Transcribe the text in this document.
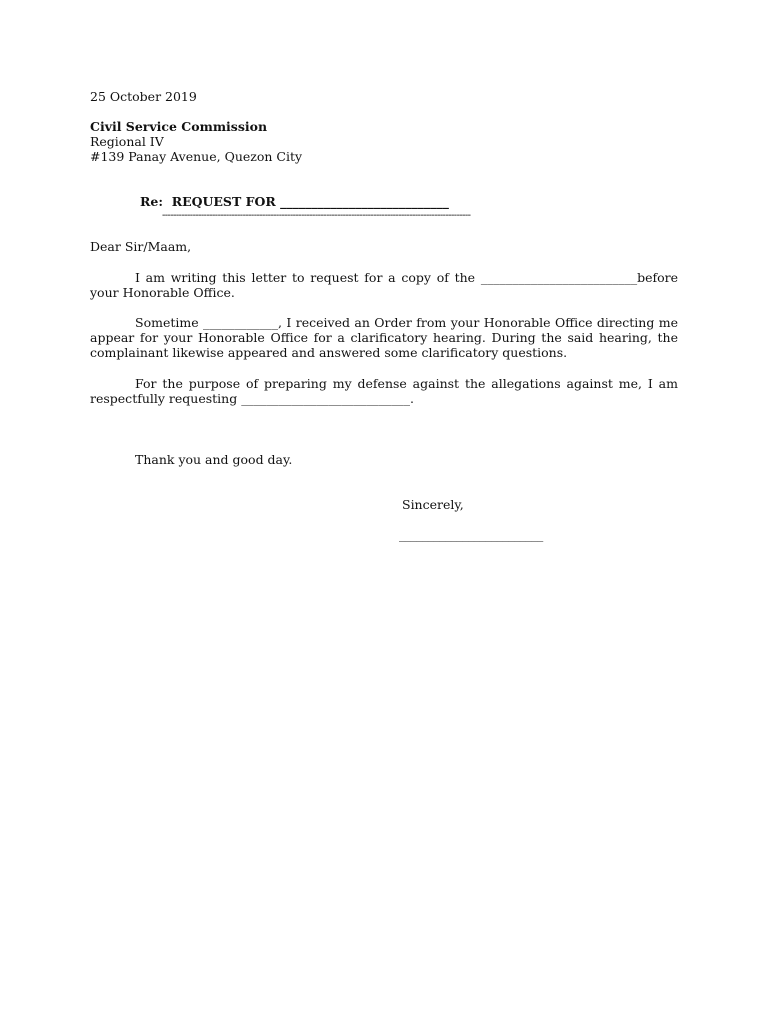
25 October 2019
Civil Service Commission
Regional IV
#139 Panay Avenue, Quezon City
Re: REQUEST FOR ___________________________
---------------------------------------------------------------------------------------------------------------
Dear Sir/Maam,
I am writing this letter to request for a copy of the _________________________before your Honorable Office.
Sometime ____________, I received an Order from your Honorable Office directing me appear for your Honorable Office for a clarificatory hearing. During the said hearing, the complainant likewise appeared and answered some clarificatory questions.
For the purpose of preparing my defense against the allegations against me, I am respectfully requesting ___________________________.
Thank you and good day.
Sincerely,
_________________________
